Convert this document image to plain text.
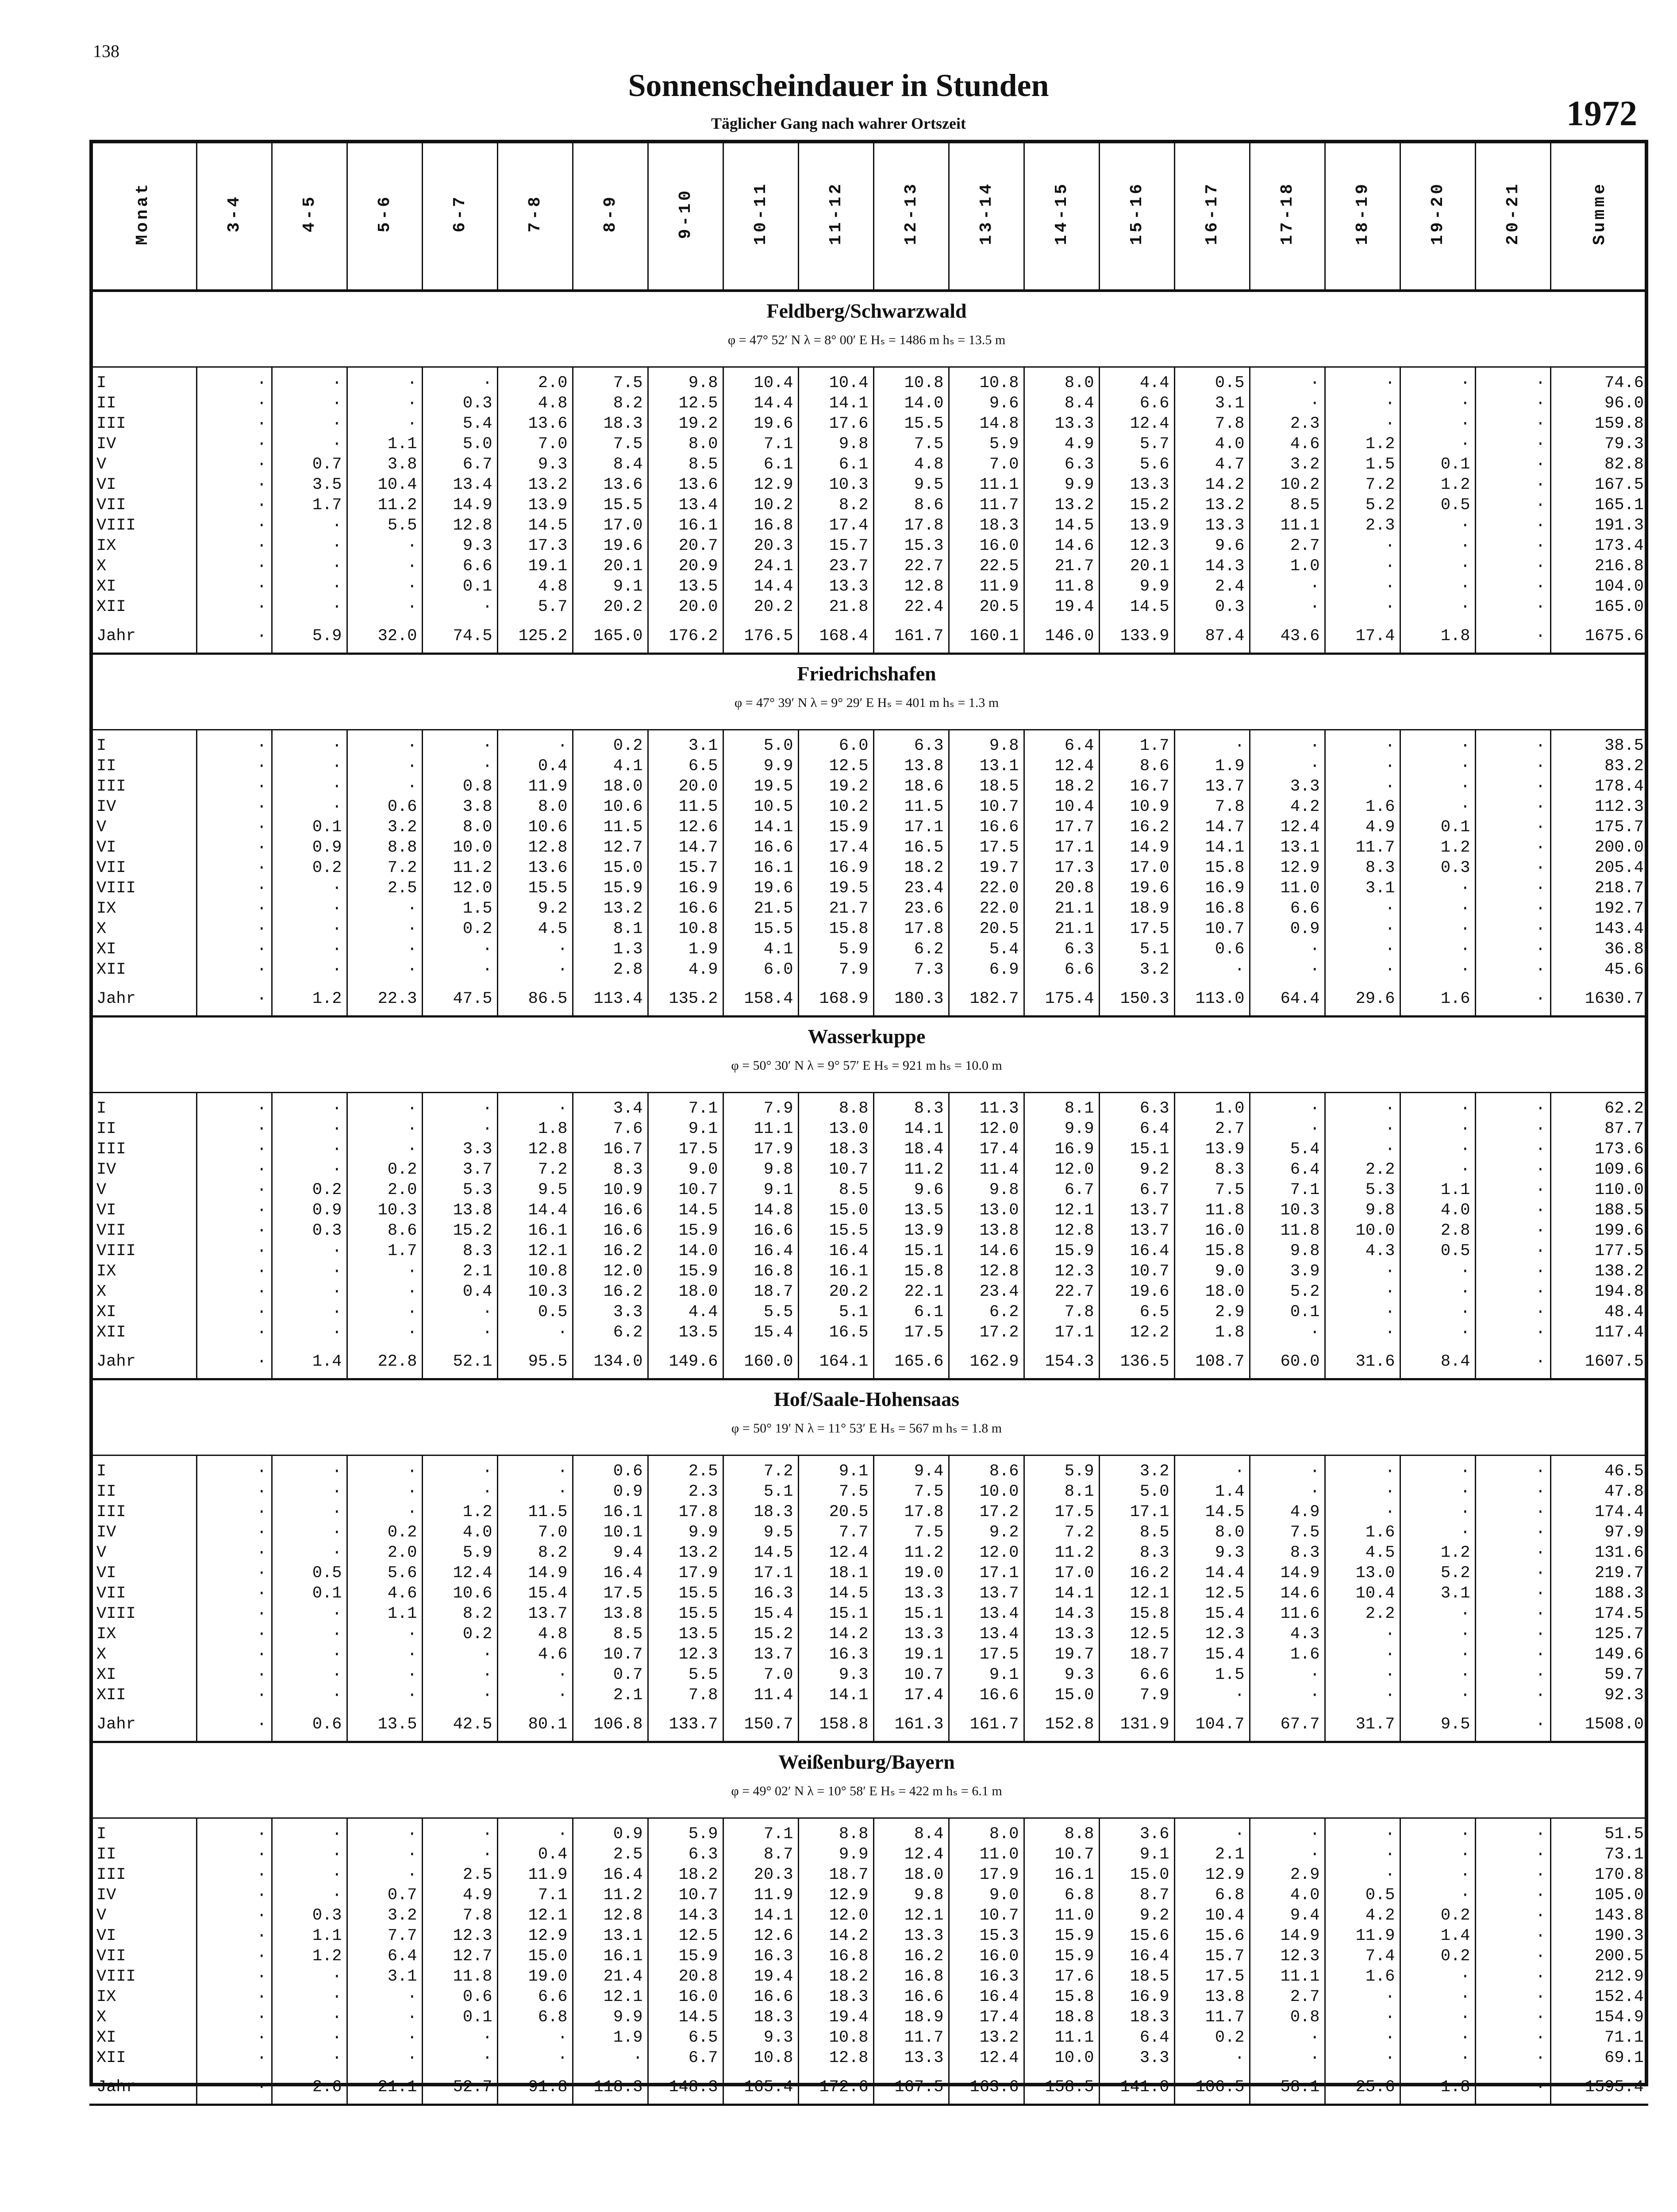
138
Sonnenscheindauer in Stunden
Täglicher Gang nach wahrer Ortszeit	1972
Monat	3-4	4-5	5-6	6-7	7-8	8-9	9-10	10-11	11-12	12-13	13-14	14-15	15-16	16-17	17-18	18-19	19-20	20-21	Summe

Feldberg/Schwarzwald
φ = 47° 52′ N λ = 8° 00′ E Hₛ = 1486 m hₛ = 13.5 m																			

I	·	·	·	·	2.0	7.5	9.8	10.4	10.4	10.8	10.8	8.0	4.4	0.5	·	·	·	·	74.6
II	·	·	·	0.3	4.8	8.2	12.5	14.4	14.1	14.0	9.6	8.4	6.6	3.1	·	·	·	·	96.0
III	·	·	·	5.4	13.6	18.3	19.2	19.6	17.6	15.5	14.8	13.3	12.4	7.8	2.3	·	·	·	159.8
IV	·	·	1.1	5.0	7.0	7.5	8.0	7.1	9.8	7.5	5.9	4.9	5.7	4.0	4.6	1.2	·	·	79.3
V	·	0.7	3.8	6.7	9.3	8.4	8.5	6.1	6.1	4.8	7.0	6.3	5.6	4.7	3.2	1.5	0.1	·	82.8
VI	·	3.5	10.4	13.4	13.2	13.6	13.6	12.9	10.3	9.5	11.1	9.9	13.3	14.2	10.2	7.2	1.2	·	167.5
VII	·	1.7	11.2	14.9	13.9	15.5	13.4	10.2	8.2	8.6	11.7	13.2	15.2	13.2	8.5	5.2	0.5	·	165.1
VIII	·	·	5.5	12.8	14.5	17.0	16.1	16.8	17.4	17.8	18.3	14.5	13.9	13.3	11.1	2.3	·	·	191.3
IX	·	·	·	9.3	17.3	19.6	20.7	20.3	15.7	15.3	16.0	14.6	12.3	9.6	2.7	·	·	·	173.4
X	·	·	·	6.6	19.1	20.1	20.9	24.1	23.7	22.7	22.5	21.7	20.1	14.3	1.0	·	·	·	216.8
XI	·	·	·	0.1	4.8	9.1	13.5	14.4	13.3	12.8	11.9	11.8	9.9	2.4	·	·	·	·	104.0
XII	·	·	·	·	5.7	20.2	20.0	20.2	21.8	22.4	20.5	19.4	14.5	0.3	·	·	·	·	165.0
Jahr	·	5.9	32.0	74.5	125.2	165.0	176.2	176.5	168.4	161.7	160.1	146.0	133.9	87.4	43.6	17.4	1.8	·	1675.6

Friedrichshafen
φ = 47° 39′ N λ = 9° 29′ E Hₛ = 401 m hₛ = 1.3 m																			

I	·	·	·	·	·	0.2	3.1	5.0	6.0	6.3	9.8	6.4	1.7	·	·	·	·	·	38.5
II	·	·	·	·	0.4	4.1	6.5	9.9	12.5	13.8	13.1	12.4	8.6	1.9	·	·	·	·	83.2
III	·	·	·	0.8	11.9	18.0	20.0	19.5	19.2	18.6	18.5	18.2	16.7	13.7	3.3	·	·	·	178.4
IV	·	·	0.6	3.8	8.0	10.6	11.5	10.5	10.2	11.5	10.7	10.4	10.9	7.8	4.2	1.6	·	·	112.3
V	·	0.1	3.2	8.0	10.6	11.5	12.6	14.1	15.9	17.1	16.6	17.7	16.2	14.7	12.4	4.9	0.1	·	175.7
VI	·	0.9	8.8	10.0	12.8	12.7	14.7	16.6	17.4	16.5	17.5	17.1	14.9	14.1	13.1	11.7	1.2	·	200.0
VII	·	0.2	7.2	11.2	13.6	15.0	15.7	16.1	16.9	18.2	19.7	17.3	17.0	15.8	12.9	8.3	0.3	·	205.4
VIII	·	·	2.5	12.0	15.5	15.9	16.9	19.6	19.5	23.4	22.0	20.8	19.6	16.9	11.0	3.1	·	·	218.7
IX	·	·	·	1.5	9.2	13.2	16.6	21.5	21.7	23.6	22.0	21.1	18.9	16.8	6.6	·	·	·	192.7
X	·	·	·	0.2	4.5	8.1	10.8	15.5	15.8	17.8	20.5	21.1	17.5	10.7	0.9	·	·	·	143.4
XI	·	·	·	·	·	1.3	1.9	4.1	5.9	6.2	5.4	6.3	5.1	0.6	·	·	·	·	36.8
XII	·	·	·	·	·	2.8	4.9	6.0	7.9	7.3	6.9	6.6	3.2	·	·	·	·	·	45.6
Jahr	·	1.2	22.3	47.5	86.5	113.4	135.2	158.4	168.9	180.3	182.7	175.4	150.3	113.0	64.4	29.6	1.6	·	1630.7

Wasserkuppe
φ = 50° 30′ N λ = 9° 57′ E Hₛ = 921 m hₛ = 10.0 m																			

I	·	·	·	·	·	3.4	7.1	7.9	8.8	8.3	11.3	8.1	6.3	1.0	·	·	·	·	62.2
II	·	·	·	·	1.8	7.6	9.1	11.1	13.0	14.1	12.0	9.9	6.4	2.7	·	·	·	·	87.7
III	·	·	·	3.3	12.8	16.7	17.5	17.9	18.3	18.4	17.4	16.9	15.1	13.9	5.4	·	·	·	173.6
IV	·	·	0.2	3.7	7.2	8.3	9.0	9.8	10.7	11.2	11.4	12.0	9.2	8.3	6.4	2.2	·	·	109.6
V	·	0.2	2.0	5.3	9.5	10.9	10.7	9.1	8.5	9.6	9.8	6.7	6.7	7.5	7.1	5.3	1.1	·	110.0
VI	·	0.9	10.3	13.8	14.4	16.6	14.5	14.8	15.0	13.5	13.0	12.1	13.7	11.8	10.3	9.8	4.0	·	188.5
VII	·	0.3	8.6	15.2	16.1	16.6	15.9	16.6	15.5	13.9	13.8	12.8	13.7	16.0	11.8	10.0	2.8	·	199.6
VIII	·	·	1.7	8.3	12.1	16.2	14.0	16.4	16.4	15.1	14.6	15.9	16.4	15.8	9.8	4.3	0.5	·	177.5
IX	·	·	·	2.1	10.8	12.0	15.9	16.8	16.1	15.8	12.8	12.3	10.7	9.0	3.9	·	·	·	138.2
X	·	·	·	0.4	10.3	16.2	18.0	18.7	20.2	22.1	23.4	22.7	19.6	18.0	5.2	·	·	·	194.8
XI	·	·	·	·	0.5	3.3	4.4	5.5	5.1	6.1	6.2	7.8	6.5	2.9	0.1	·	·	·	48.4
XII	·	·	·	·	·	6.2	13.5	15.4	16.5	17.5	17.2	17.1	12.2	1.8	·	·	·	·	117.4
Jahr	·	1.4	22.8	52.1	95.5	134.0	149.6	160.0	164.1	165.6	162.9	154.3	136.5	108.7	60.0	31.6	8.4	·	1607.5

Hof/Saale-Hohensaas
φ = 50° 19′ N λ = 11° 53′ E Hₛ = 567 m hₛ = 1.8 m																			

I	·	·	·	·	·	0.6	2.5	7.2	9.1	9.4	8.6	5.9	3.2	·	·	·	·	·	46.5
II	·	·	·	·	·	0.9	2.3	5.1	7.5	7.5	10.0	8.1	5.0	1.4	·	·	·	·	47.8
III	·	·	·	1.2	11.5	16.1	17.8	18.3	20.5	17.8	17.2	17.5	17.1	14.5	4.9	·	·	·	174.4
IV	·	·	0.2	4.0	7.0	10.1	9.9	9.5	7.7	7.5	9.2	7.2	8.5	8.0	7.5	1.6	·	·	97.9
V	·	·	2.0	5.9	8.2	9.4	13.2	14.5	12.4	11.2	12.0	11.2	8.3	9.3	8.3	4.5	1.2	·	131.6
VI	·	0.5	5.6	12.4	14.9	16.4	17.9	17.1	18.1	19.0	17.1	17.0	16.2	14.4	14.9	13.0	5.2	·	219.7
VII	·	0.1	4.6	10.6	15.4	17.5	15.5	16.3	14.5	13.3	13.7	14.1	12.1	12.5	14.6	10.4	3.1	·	188.3
VIII	·	·	1.1	8.2	13.7	13.8	15.5	15.4	15.1	15.1	13.4	14.3	15.8	15.4	11.6	2.2	·	·	174.5
IX	·	·	·	0.2	4.8	8.5	13.5	15.2	14.2	13.3	13.4	13.3	12.5	12.3	4.3	·	·	·	125.7
X	·	·	·	·	4.6	10.7	12.3	13.7	16.3	19.1	17.5	19.7	18.7	15.4	1.6	·	·	·	149.6
XI	·	·	·	·	·	0.7	5.5	7.0	9.3	10.7	9.1	9.3	6.6	1.5	·	·	·	·	59.7
XII	·	·	·	·	·	2.1	7.8	11.4	14.1	17.4	16.6	15.0	7.9	·	·	·	·	·	92.3
Jahr	·	0.6	13.5	42.5	80.1	106.8	133.7	150.7	158.8	161.3	161.7	152.8	131.9	104.7	67.7	31.7	9.5	·	1508.0

Weißenburg/Bayern
φ = 49° 02′ N λ = 10° 58′ E Hₛ = 422 m hₛ = 6.1 m																			

I	·	·	·	·	·	0.9	5.9	7.1	8.8	8.4	8.0	8.8	3.6	·	·	·	·	·	51.5
II	·	·	·	·	0.4	2.5	6.3	8.7	9.9	12.4	11.0	10.7	9.1	2.1	·	·	·	·	73.1
III	·	·	·	2.5	11.9	16.4	18.2	20.3	18.7	18.0	17.9	16.1	15.0	12.9	2.9	·	·	·	170.8
IV	·	·	0.7	4.9	7.1	11.2	10.7	11.9	12.9	9.8	9.0	6.8	8.7	6.8	4.0	0.5	·	·	105.0
V	·	0.3	3.2	7.8	12.1	12.8	14.3	14.1	12.0	12.1	10.7	11.0	9.2	10.4	9.4	4.2	0.2	·	143.8
VI	·	1.1	7.7	12.3	12.9	13.1	12.5	12.6	14.2	13.3	15.3	15.9	15.6	15.6	14.9	11.9	1.4	·	190.3
VII	·	1.2	6.4	12.7	15.0	16.1	15.9	16.3	16.8	16.2	16.0	15.9	16.4	15.7	12.3	7.4	0.2	·	200.5
VIII	·	·	3.1	11.8	19.0	21.4	20.8	19.4	18.2	16.8	16.3	17.6	18.5	17.5	11.1	1.6	·	·	212.9
IX	·	·	·	0.6	6.6	12.1	16.0	16.6	18.3	16.6	16.4	15.8	16.9	13.8	2.7	·	·	·	152.4
X	·	·	·	0.1	6.8	9.9	14.5	18.3	19.4	18.9	17.4	18.8	18.3	11.7	0.8	·	·	·	154.9
XI	·	·	·	·	·	1.9	6.5	9.3	10.8	11.7	13.2	11.1	6.4	0.2	·	·	·	·	71.1
XII	·	·	·	·	·	·	6.7	10.8	12.8	13.3	12.4	10.0	3.3	·	·	·	·	·	69.1
Jahr	·	2.6	21.1	52.7	91.8	118.3	148.3	165.4	172.6	167.5	163.6	158.5	141.0	106.5	58.1	25.6	1.8	·	1595.4
